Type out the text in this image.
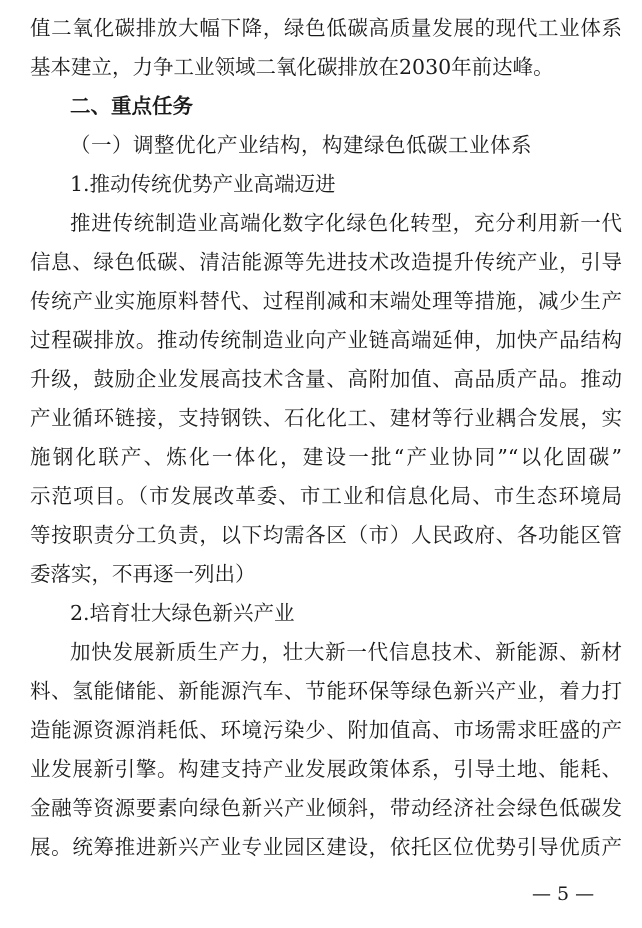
值二氧化碳排放大幅下降，绿色低碳高质量发展的现代工业体系
基本建立，力争工业领域二氧化碳排放在2030年前达峰。
二、重点任务
（一）调整优化产业结构，构建绿色低碳工业体系
1.推动传统优势产业高端迈进
推进传统制造业高端化数字化绿色化转型，充分利用新一代
信息、绿色低碳、清洁能源等先进技术改造提升传统产业，引导
传统产业实施原料替代、过程削减和末端处理等措施，减少生产
过程碳排放。推动传统制造业向产业链高端延伸，加快产品结构
升级，鼓励企业发展高技术含量、高附加值、高品质产品。推动
产业循环链接，支持钢铁、石化化工、建材等行业耦合发展，实
施钢化联产、炼化一体化，建设一批“产业协同”“以化固碳”
示范项目。（市发展改革委、市工业和信息化局、市生态环境局
等按职责分工负责，以下均需各区（市）人民政府、各功能区管
委落实，不再逐一列出）
2.培育壮大绿色新兴产业
加快发展新质生产力，壮大新一代信息技术、新能源、新材
料、氢能储能、新能源汽车、节能环保等绿色新兴产业，着力打
造能源资源消耗低、环境污染少、附加值高、市场需求旺盛的产
业发展新引擎。构建支持产业发展政策体系，引导土地、能耗、
金融等资源要素向绿色新兴产业倾斜，带动经济社会绿色低碳发
展。统筹推进新兴产业专业园区建设，依托区位优势引导优质产
— 5 —
